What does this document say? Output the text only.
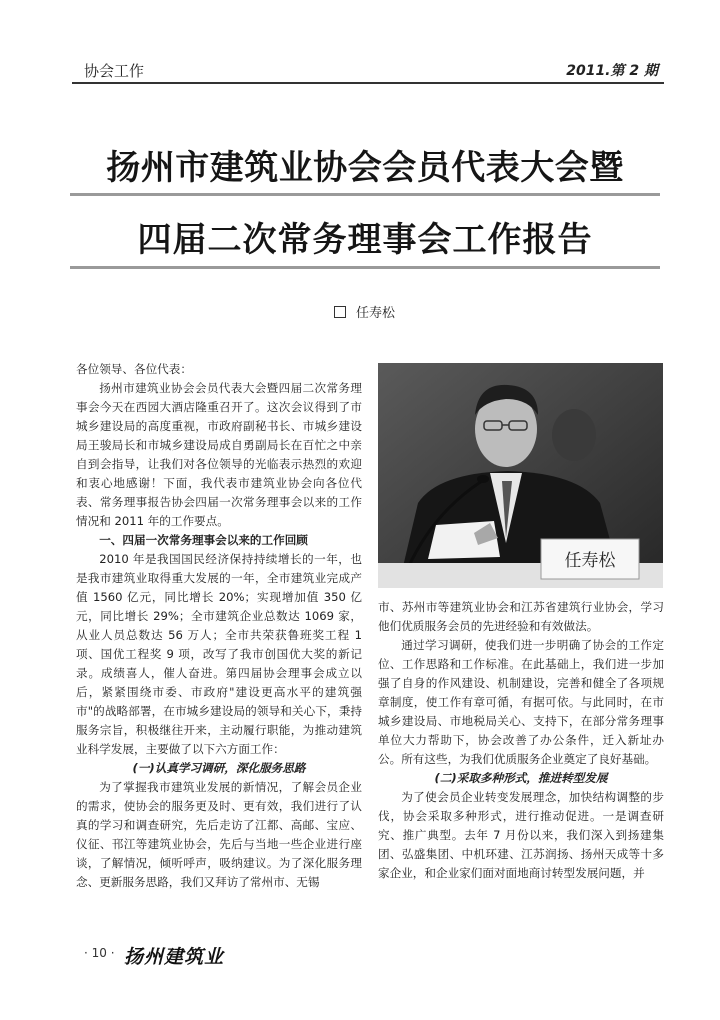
协会工作	2011.第 2 期
扬州市建筑业协会会员代表大会暨
四届二次常务理事会工作报告
任寿松

各位领导、各位代表：

扬州市建筑业协会会员代表大会暨四届二次常务理事会今天在西园大酒店隆重召开了。这次会议得到了市城乡建设局的高度重视，市政府副秘书长、市城乡建设局王骏局长和市城乡建设局成自勇副局长在百忙之中亲自到会指导，让我们对各位领导的光临表示热烈的欢迎和衷心地感谢！下面，我代表市建筑业协会向各位代表、常务理事报告协会四届一次常务理事会以来的工作情况和 2011 年的工作要点。

一、四届一次常务理事会以来的工作回顾

2010 年是我国国民经济保持持续增长的一年，也是我市建筑业取得重大发展的一年，全市建筑业完成产值 1560 亿元，同比增长 20%；实现增加值 350 亿元，同比增长 29%；全市建筑企业总数达 1069 家，从业人员总数达 56 万人；全市共荣获鲁班奖工程 1 项、国优工程奖 9 项，改写了我市创国优大奖的新记录。成绩喜人，催人奋进。第四届协会理事会成立以后，紧紧围绕市委、市政府"建设更高水平的建筑强市"的战略部署，在市城乡建设局的领导和关心下，秉持服务宗旨，积极继往开来，主动履行职能，为推动建筑业科学发展，主要做了以下六方面工作：

(一)认真学习调研，深化服务思路

为了掌握我市建筑业发展的新情况，了解会员企业的需求，使协会的服务更及时、更有效，我们进行了认真的学习和调查研究，先后走访了江都、高邮、宝应、仪征、邗江等建筑业协会，先后与当地一些企业进行座谈，了解情况，倾听呼声，吸纳建议。为了深化服务理念、更新服务思路，我们又拜访了常州市、无锡

任寿松

市、苏州市等建筑业协会和江苏省建筑行业协会，学习他们优质服务会员的先进经验和有效做法。

通过学习调研，使我们进一步明确了协会的工作定位、工作思路和工作标准。在此基础上，我们进一步加强了自身的作风建设、机制建设，完善和健全了各项规章制度，使工作有章可循，有据可依。与此同时，在市城乡建设局、市地税局关心、支持下，在部分常务理事单位大力帮助下，协会改善了办公条件，迁入新址办公。所有这些，为我们优质服务企业奠定了良好基础。

(二)采取多种形式，推进转型发展

为了使会员企业转变发展理念，加快结构调整的步伐，协会采取多种形式，进行推动促进。一是调查研究、推广典型。去年 7 月份以来，我们深入到扬建集团、弘盛集团、中机环建、江苏润扬、扬州天成等十多家企业，和企业家们面对面地商讨转型发展问题，并

· 10 · 扬州建筑业
